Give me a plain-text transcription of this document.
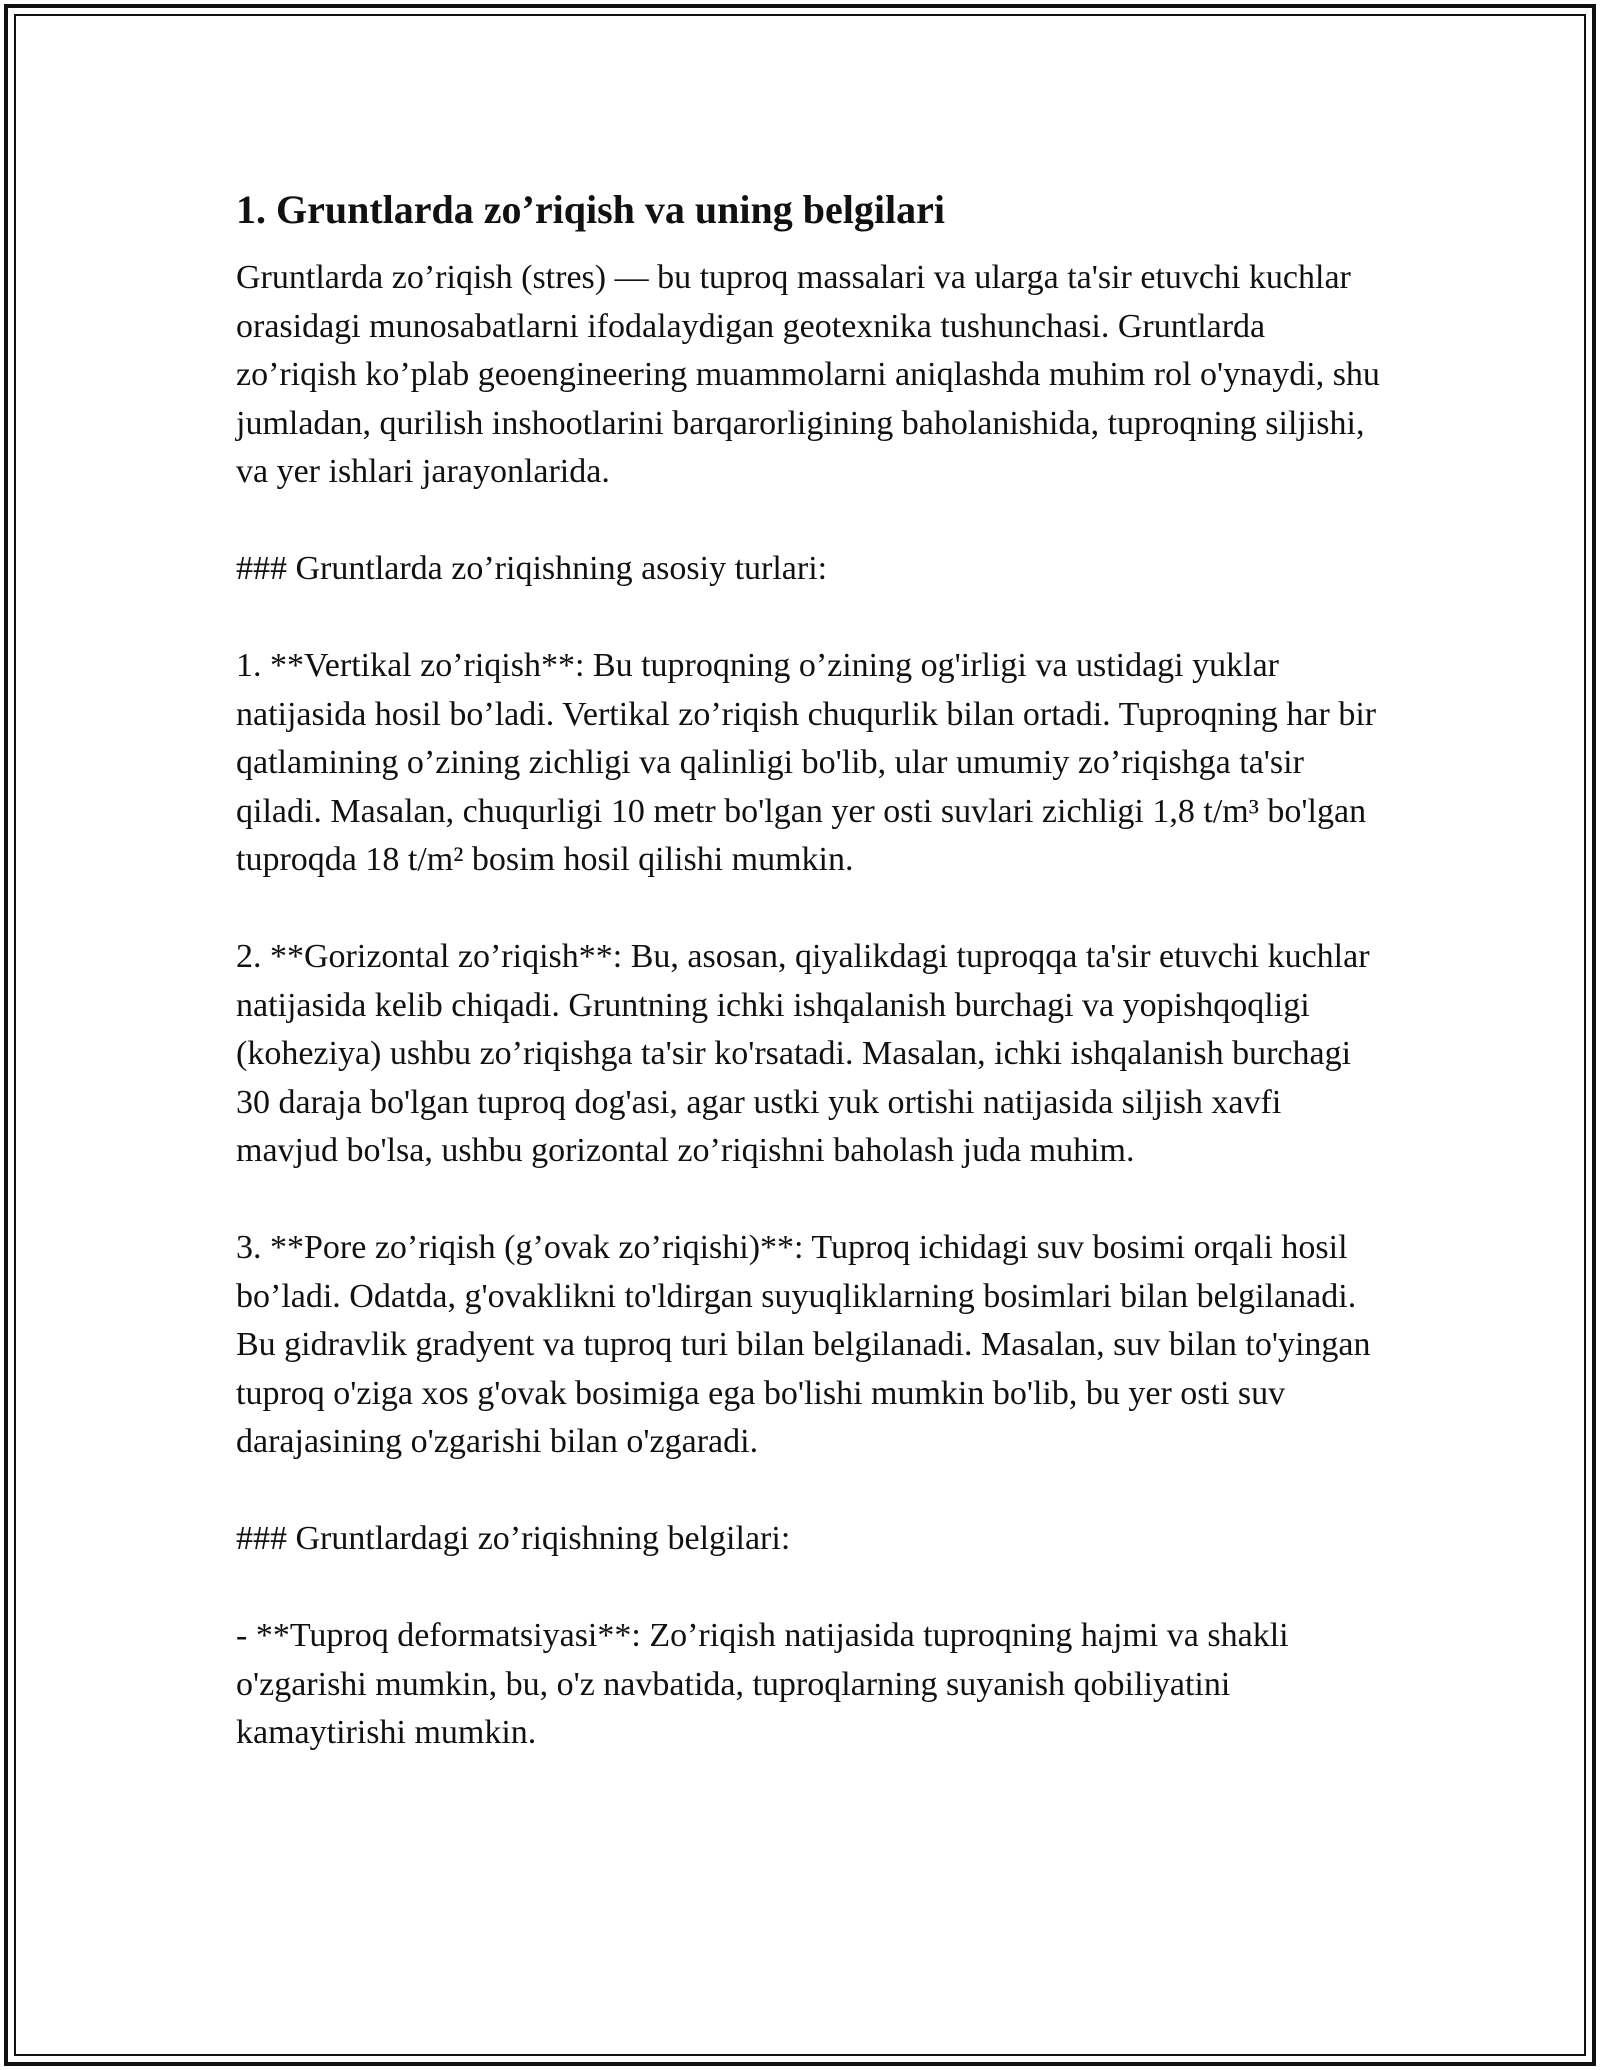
1. Gruntlarda zo’riqish va uning belgilari

Gruntlarda zo’riqish (stres) — bu tuproq massalari va ularga ta'sir etuvchi kuchlar orasidagi munosabatlarni ifodalaydigan geotexnika tushunchasi. Gruntlarda zo’riqish ko’plab geoengineering muammolarni aniqlashda muhim rol o'ynaydi, shu jumladan, qurilish inshootlarini barqarorligining baholanishida, tuproqning siljishi, va yer ishlari jarayonlarida.

### Gruntlarda zo’riqishning asosiy turlari:

1. **Vertikal zo’riqish**: Bu tuproqning o’zining og'irligi va ustidagi yuklar natijasida hosil bo’ladi. Vertikal zo’riqish chuqurlik bilan ortadi. Tuproqning har bir qatlamining o’zining zichligi va qalinligi bo'lib, ular umumiy zo’riqishga ta'sir qiladi. Masalan, chuqurligi 10 metr bo'lgan yer osti suvlari zichligi 1,8 t/m³ bo'lgan tuproqda 18 t/m² bosim hosil qilishi mumkin.

2. **Gorizontal zo’riqish**: Bu, asosan, qiyalikdagi tuproqqa ta'sir etuvchi kuchlar natijasida kelib chiqadi. Gruntning ichki ishqalanish burchagi va yopishqoqligi (koheziya) ushbu zo’riqishga ta'sir ko'rsatadi. Masalan, ichki ishqalanish burchagi 30 daraja bo'lgan tuproq dog'asi, agar ustki yuk ortishi natijasida siljish xavfi mavjud bo'lsa, ushbu gorizontal zo’riqishni baholash juda muhim.

3. **Pore zo’riqish (g’ovak zo’riqishi)**: Tuproq ichidagi suv bosimi orqali hosil bo’ladi. Odatda, g'ovaklikni to'ldirgan suyuqliklarning bosimlari bilan belgilanadi. Bu gidravlik gradyent va tuproq turi bilan belgilanadi. Masalan, suv bilan to'yingan tuproq o'ziga xos g'ovak bosimiga ega bo'lishi mumkin bo'lib, bu yer osti suv darajasining o'zgarishi bilan o'zgaradi.

### Gruntlardagi zo’riqishning belgilari:

- **Tuproq deformatsiyasi**: Zo’riqish natijasida tuproqning hajmi va shakli o'zgarishi mumkin, bu, o'z navbatida, tuproqlarning suyanish qobiliyatini kamaytirishi mumkin.
